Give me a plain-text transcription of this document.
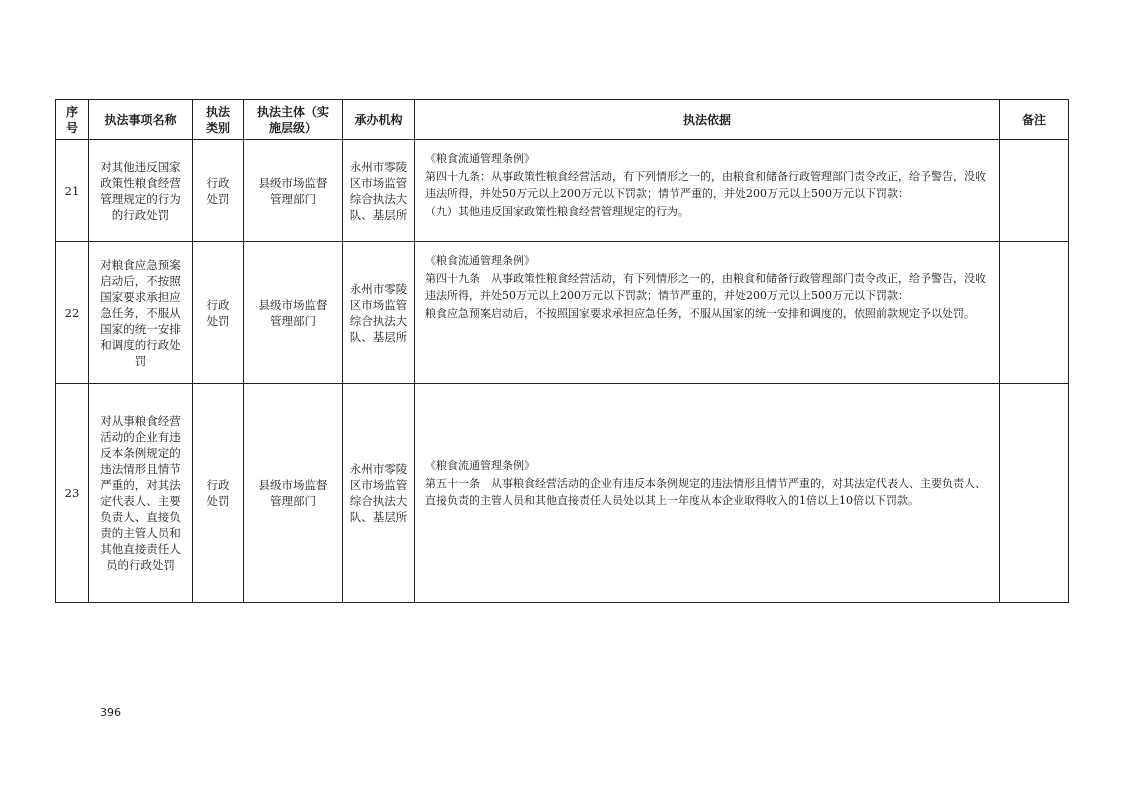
序号	执法事项名称	执法类别	执法主体（实施层级）	承办机构	执法依据	备注
21	对其他违反国家政策性粮食经营管理规定的行为的行政处罚	行政处罚	县级市场监督管理部门	永州市零陵区市场监管综合执法大队、基层所	《粮食流通管理条例》
第四十九条：从事政策性粮食经营活动，有下列情形之一的，由粮食和储备行政管理部门责令改正，给予警告，没收违法所得，并处50万元以上200万元以下罚款；情节严重的，并处200万元以上500万元以下罚款：
（九）其他违反国家政策性粮食经营管理规定的行为。	

22	对粮食应急预案启动后，不按照国家要求承担应急任务，不服从国家的统一安排和调度的行政处罚	行政处罚	县级市场监督管理部门	永州市零陵区市场监管综合执法大队、基层所	《粮食流通管理条例》
第四十九条　从事政策性粮食经营活动，有下列情形之一的，由粮食和储备行政管理部门责令改正，给予警告，没收违法所得，并处50万元以上200万元以下罚款；情节严重的，并处200万元以上500万元以下罚款：
粮食应急预案启动后，不按照国家要求承担应急任务，不服从国家的统一安排和调度的，依照前款规定予以处罚。	

23	对从事粮食经营活动的企业有违反本条例规定的违法情形且情节严重的，对其法定代表人、主要负责人、直接负责的主管人员和其他直接责任人员的行政处罚	行政处罚	县级市场监督管理部门	永州市零陵区市场监管综合执法大队、基层所	《粮食流通管理条例》
第五十一条　从事粮食经营活动的企业有违反本条例规定的违法情形且情节严重的，对其法定代表人、主要负责人、直接负责的主管人员和其他直接责任人员处以其上一年度从本企业取得收入的1倍以上10倍以下罚款。	

396
